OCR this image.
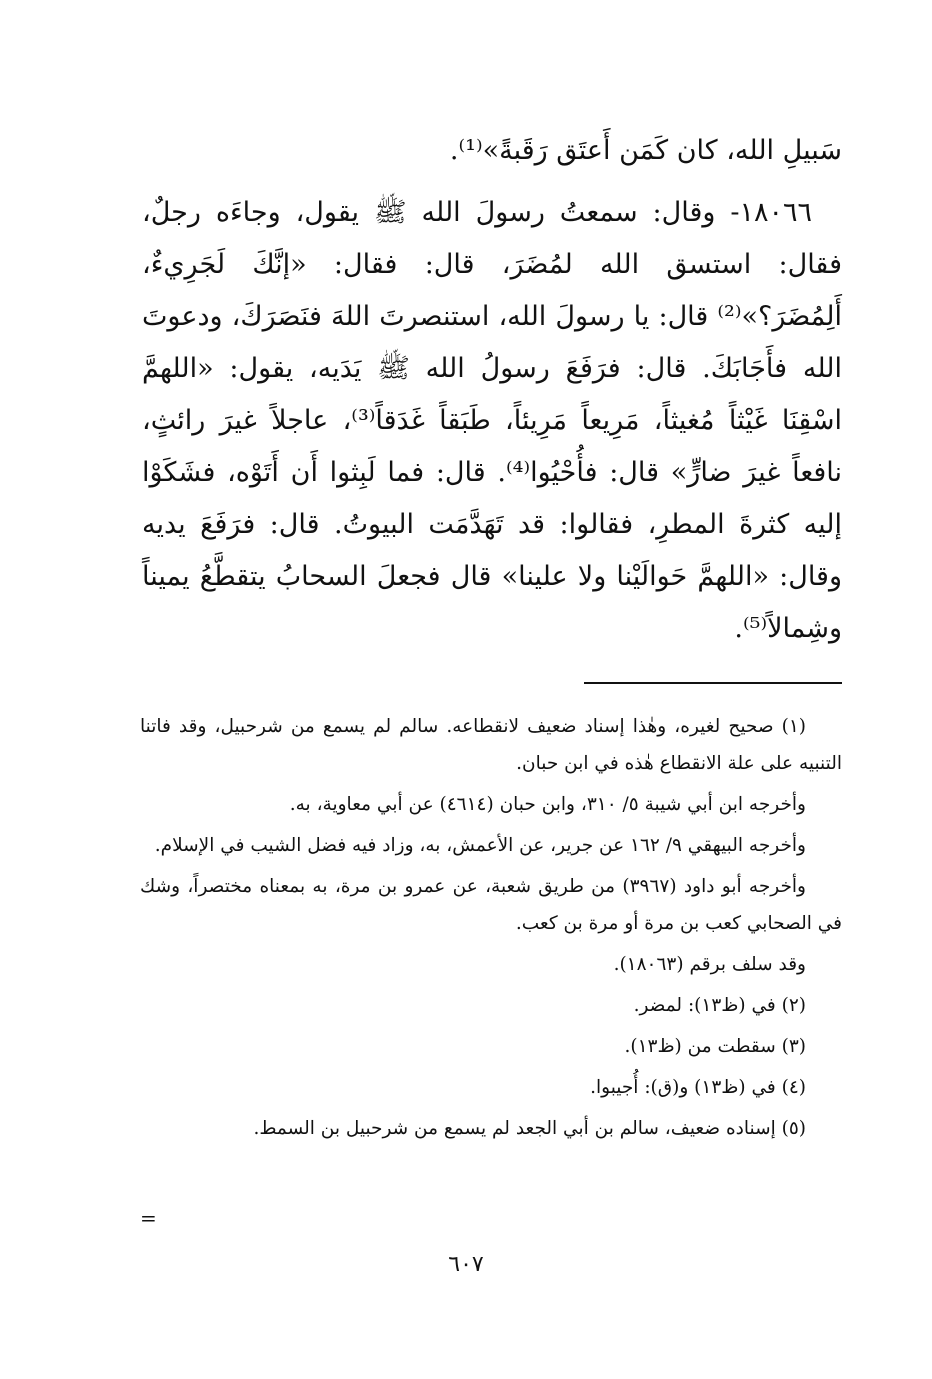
سَبيلِ الله، كان كَمَن أَعتَق رَقَبةً»⁽¹⁾.

١٨٠٦٦- وقال: سمعتُ رسولَ الله ﷺ يقول، وجاءَه رجلٌ، فقال: استسق الله لمُضَرَ، قال: فقال: «إنَّكَ لَجَرِيءٌ، أَلِمُضَرَ؟»⁽²⁾ قال: يا رسولَ الله، استنصرتَ اللهَ فنَصَرَكَ، ودعوتَ الله فأَجَابَكَ. قال: فرَفَعَ رسولُ الله ﷺ يَدَيه، يقول: «اللهمَّ اسْقِنَا غَيْثاً مُغيثاً، مَرِيعاً مَرِيئاً، طَبَقاً غَدَقاً⁽³⁾، عاجلاً غيرَ رائثٍ، نافعاً غيرَ ضارٍّ» قال: فأُحْيُوا⁽⁴⁾. قال: فما لَبِثوا أَن أَتَوْه، فشَكَوْا إليه كثرةَ المطرِ، فقالوا: قد تَهَدَّمَت البيوتُ. قال: فرَفَعَ يديه وقال: «اللهمَّ حَوالَيْنا ولا علينا» قال فجعلَ السحابُ يتقطَّعُ يميناً وشِمالاً⁽⁵⁾.

(١) صحيح لغيره، وهٰذا إسناد ضعيف لانقطاعه. سالم لم يسمع من شرحبيل، وقد فاتنا التنبيه على علة الانقطاع هٰذه في ابن حبان.

وأخرجه ابن أبي شيبة ٥/ ٣١٠، وابن حبان (٤٦١٤) عن أبي معاوية، به.

وأخرجه البيهقي ٩/ ١٦٢ عن جرير، عن الأعمش، به، وزاد فيه فضل الشيب في الإسلام.

وأخرجه أبو داود (٣٩٦٧) من طريق شعبة، عن عمرو بن مرة، به بمعناه مختصراً، وشك في الصحابي كعب بن مرة أو مرة بن كعب.

وقد سلف برقم (١٨٠٦٣).

(٢) في (ظ١٣): لمضر.

(٣) سقطت من (ظ١٣).

(٤) في (ظ١٣) و(ق): أُجيبوا.

(٥) إسناده ضعيف، سالم بن أبي الجعد لم يسمع من شرحبيل بن السمط.

=
٦٠٧
